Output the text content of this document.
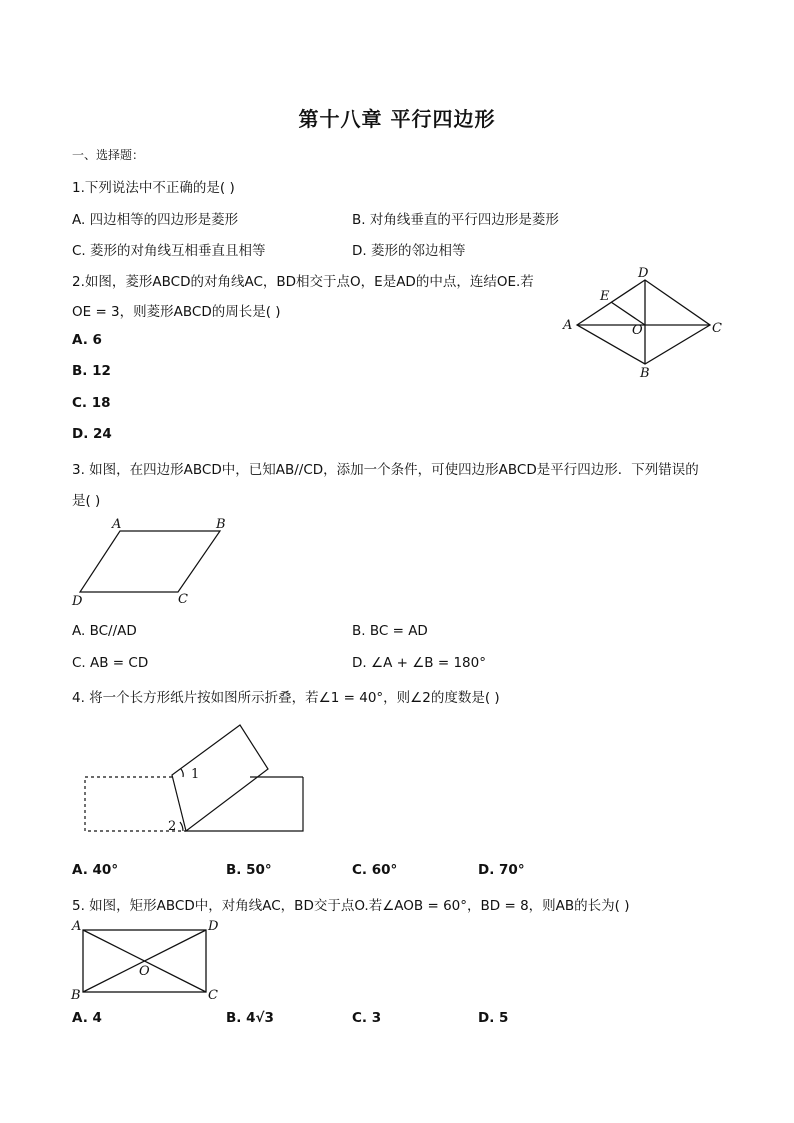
第十八章 平行四边形
一、选择题：
1.下列说法中不正确的是( )
A. 四边相等的四边形是菱形	B. 对角线垂直的平行四边形是菱形
C. 菱形的对角线互相垂直且相等	D. 菱形的邻边相等
2.如图，菱形ABCD的对角线AC，BD相交于点O，E是AD的中点，连结OE.若
OE = 3，则菱形ABCD的周长是( )
A. 6
B. 12
C. 18
D. 24
A
D
E
O	C
B
3. 如图，在四边形ABCD中，已知AB//CD，添加一个条件，可使四边形ABCD是平行四边形．下列错误的
是( )
A	B
C
D
A. BC//AD	B. BC = AD
C. AB = CD	D. ∠A + ∠B = 180°
4. 将一个长方形纸片按如图所示折叠，若∠1 = 40°，则∠2的度数是( )
1
2
A. 40°	B. 50°	C. 60°	D. 70°
5. 如图，矩形ABCD中，对角线AC，BD交于点O.若∠AOB = 60°，BD = 8，则AB的长为( )
A	D
O
B	C
A. 4	B. 4√3	C. 3	D. 5
